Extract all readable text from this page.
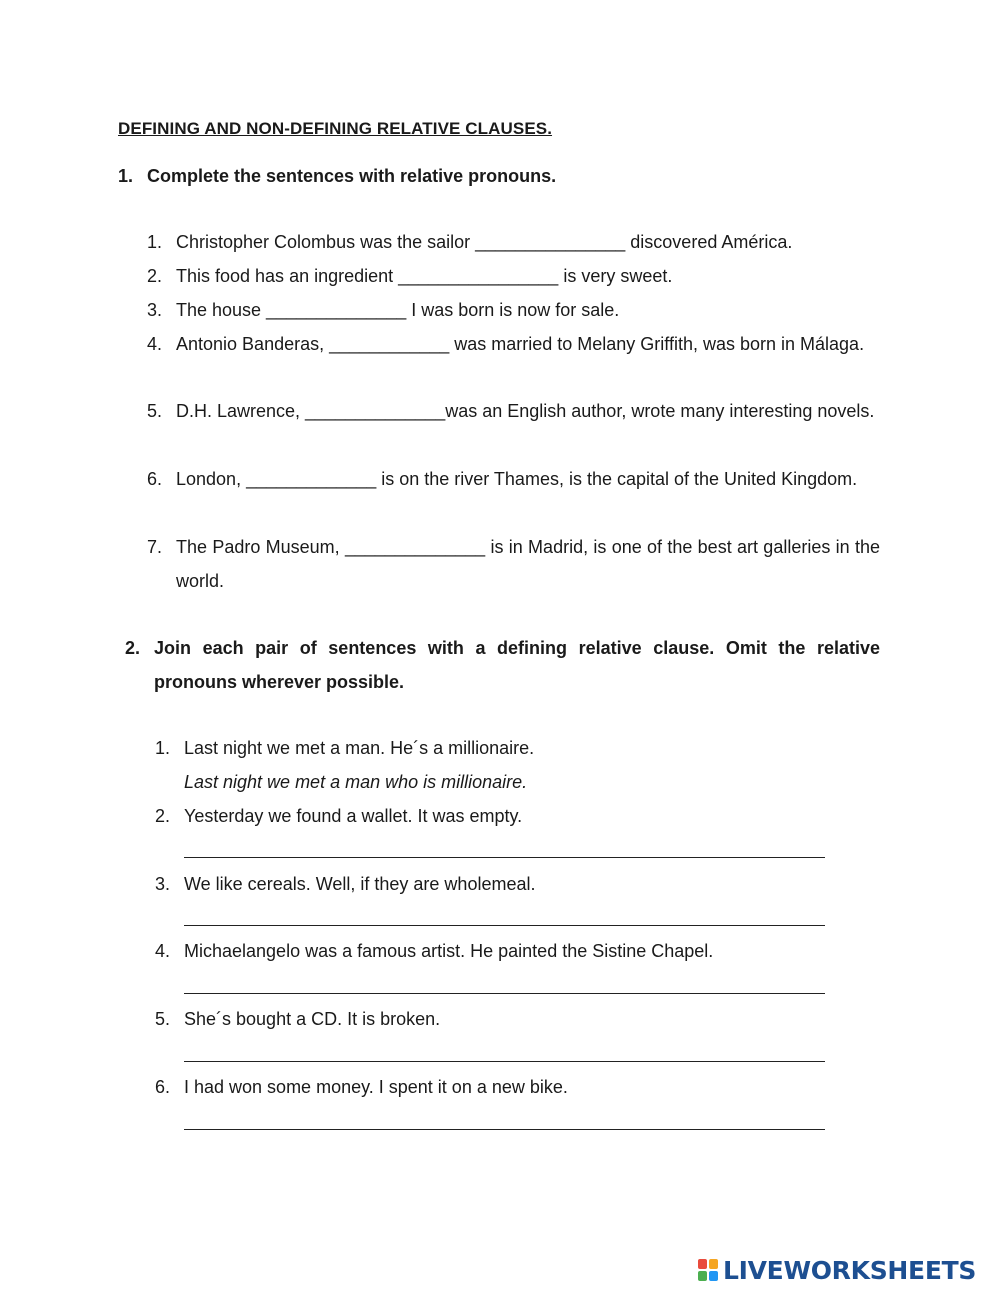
DEFINING AND NON-DEFINING RELATIVE CLAUSES.
1. Complete the sentences with relative pronouns.
1. Christopher Colombus was the sailor _______________ discovered América.
2. This food has an ingredient ________________ is very sweet.
3. The house ______________ I was born is now for sale.
4. Antonio Banderas, ____________ was married to Melany Griffith, was born in Málaga.
5. D.H. Lawrence, ______________was an English author, wrote many interesting novels.
6. London, _____________ is on the river Thames, is the capital of the United Kingdom.
7. The Padro Museum, ______________ is in Madrid, is one of the best art galleries in the world.
2. Join each pair of sentences with a defining relative clause. Omit the relative pronouns wherever possible.
1. Last night we met a man. He´s a millionaire.
Last night we met a man who is millionaire.
2. Yesterday we found a wallet. It was empty.
3. We like cereals. Well, if they are wholemeal.
4. Michaelangelo was a famous artist. He painted the Sistine Chapel.
5. She´s bought a CD. It is broken.
6. I had won some money. I spent it on a new bike.
LIVEWORKSHEETS
